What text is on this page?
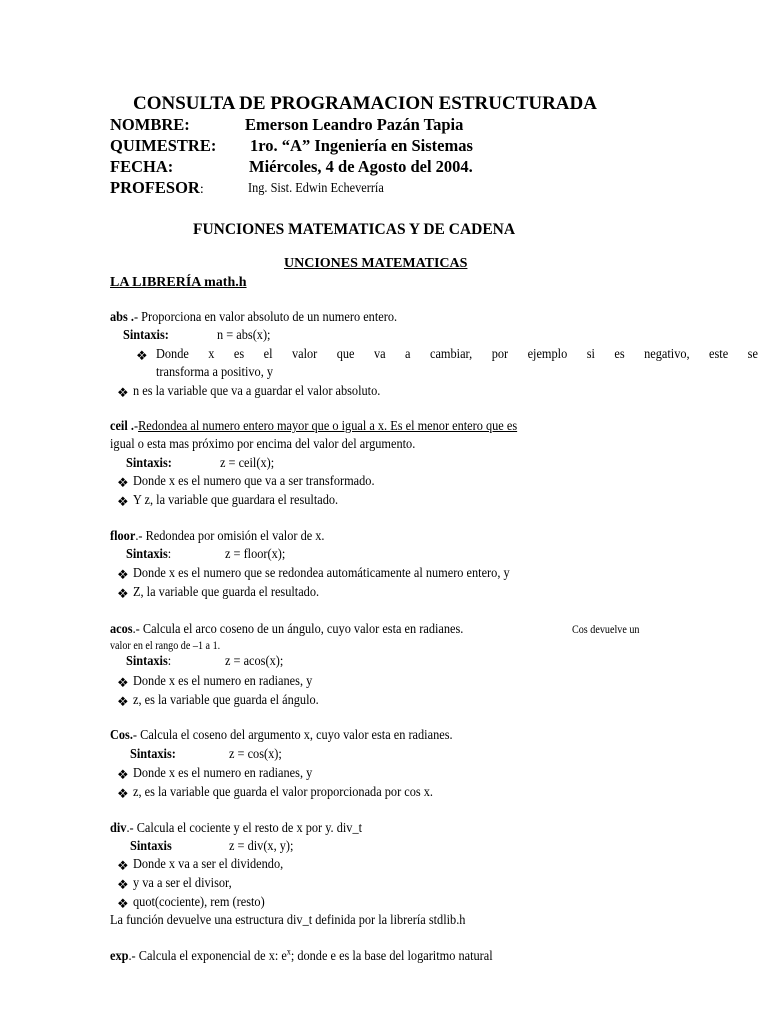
CONSULTA DE PROGRAMACION ESTRUCTURADA
NOMBRE:	Emerson Leandro Pazán Tapia
QUIMESTRE: 1ro. “A” Ingeniería en Sistemas
FECHA:	Miércoles, 4 de Agosto del 2004.
PROFESOR:	Ing. Sist. Edwin Echeverría
FUNCIONES MATEMATICAS Y DE CADENA
UNCIONES MATEMATICAS
LA LIBRERÍA math.h
abs .- Proporciona en valor absoluto de un numero entero.
Sintaxis:	n = abs(x);
❖ Donde x es el valor que va a cambiar, por ejemplo si es negativo, este se
transforma a positivo, y
❖ n es la variable que va a guardar el valor absoluto.
ceil .-Redondea al numero entero mayor que o igual a x. Es el menor entero que es
igual o esta mas próximo por encima del valor del argumento.
Sintaxis:	z = ceil(x);
❖ Donde x es el numero que va a ser transformado.
❖ Y z, la variable que guardara el resultado.
floor.- Redondea por omisión el valor de x.
Sintaxis:	z = floor(x);
❖ Donde x es el numero que se redondea automáticamente al numero entero, y
❖ Z, la variable que guarda el resultado.
acos.- Calcula el arco coseno de un ángulo, cuyo valor esta en radianes.	Cos devuelve un
valor en el rango de –1 a 1.
Sintaxis:	z = acos(x);
❖ Donde x es el numero en radianes, y
❖ z, es la variable que guarda el ángulo.
Cos.- Calcula el coseno del argumento x, cuyo valor esta en radianes.
Sintaxis:	z = cos(x);
❖ Donde x es el numero en radianes, y
❖ z, es la variable que guarda el valor proporcionada por cos x.
div.- Calcula el cociente y el resto de x por y. div_t
Sintaxis	z = div(x, y);
❖ Donde x va a ser el dividendo,
❖ y va a ser el divisor,
❖ quot(cociente), rem (resto)
La función devuelve una estructura div_t definida por la librería stdlib.h
exp.- Calcula el exponencial de x: $e^x$; donde e es la base del logaritmo natural
